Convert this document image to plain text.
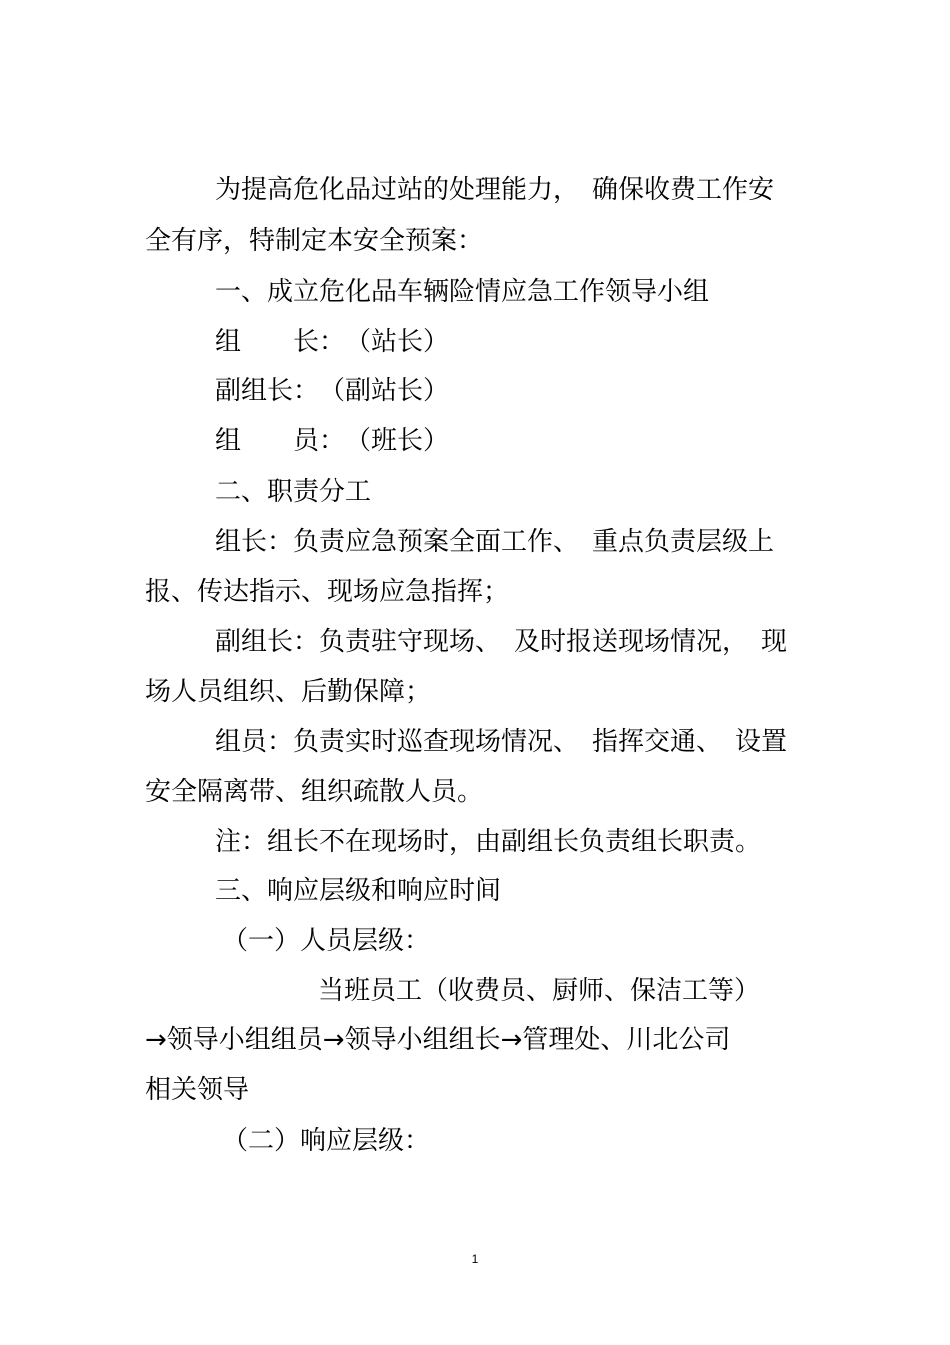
为提高危化品过站的处理能力，　确保收费工作安
全有序，特制定本安全预案：
一、成立危化品车辆险情应急工作领导小组
组　　长：　（站长）
副组长：　（副站长）
组　　员：　（班长）
二、职责分工
组长：负责应急预案全面工作、　重点负责层级上
报、传达指示、现场应急指挥；
副组长：负责驻守现场、　及时报送现场情况，　现
场人员组织、后勤保障；
组员：负责实时巡查现场情况、　指挥交通、　设置
安全隔离带、组织疏散人员。
注：组长不在现场时，由副组长负责组长职责。
三、响应层级和响应时间
（一）人员层级：
当班员工（收费员、厨师、保洁工等）
→领导小组组员→领导小组组长→管理处、川北公司
相关领导
（二）响应层级：
1
